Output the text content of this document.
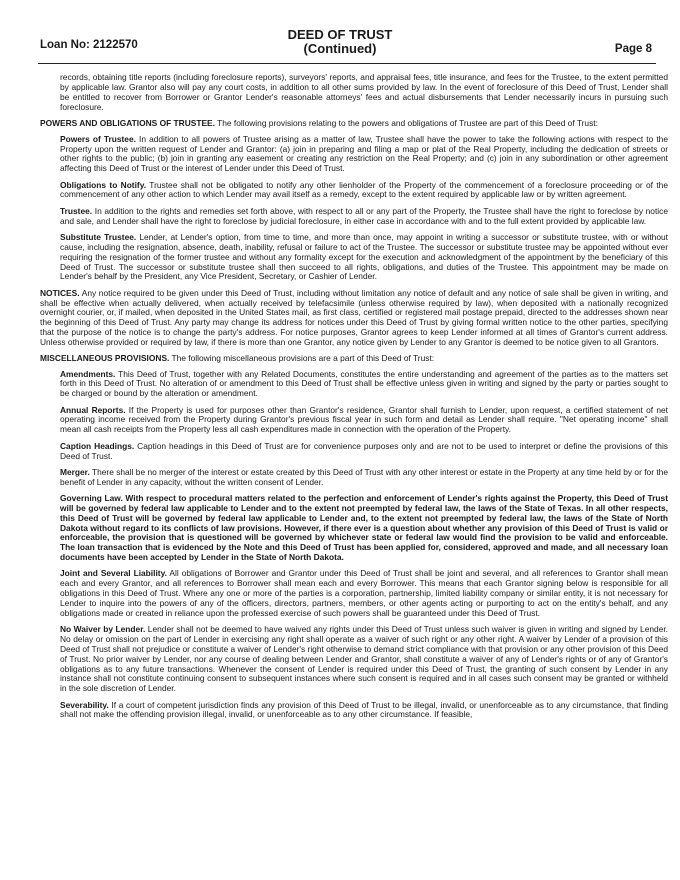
Loan No: 2122570
DEED OF TRUST
(Continued)	Page 8

records, obtaining title reports (including foreclosure reports), surveyors' reports, and appraisal fees, title insurance, and fees for the Trustee, to the extent permitted by applicable law. Grantor also will pay any court costs, in addition to all other sums provided by law. In the event of foreclosure of this Deed of Trust, Lender shall be entitled to recover from Borrower or Grantor Lender's reasonable attorneys' fees and actual disbursements that Lender necessarily incurs in pursuing such foreclosure.

POWERS AND OBLIGATIONS OF TRUSTEE. The following provisions relating to the powers and obligations of Trustee are part of this Deed of Trust:

Powers of Trustee. In addition to all powers of Trustee arising as a matter of law, Trustee shall have the power to take the following actions with respect to the Property upon the written request of Lender and Grantor: (a) join in preparing and filing a map or plat of the Real Property, including the dedication of streets or other rights to the public; (b) join in granting any easement or creating any restriction on the Real Property; and (c) join in any subordination or other agreement affecting this Deed of Trust or the interest of Lender under this Deed of Trust.

Obligations to Notify. Trustee shall not be obligated to notify any other lienholder of the Property of the commencement of a foreclosure proceeding or of the commencement of any other action to which Lender may avail itself as a remedy, except to the extent required by applicable law or by written agreement.

Trustee. In addition to the rights and remedies set forth above, with respect to all or any part of the Property, the Trustee shall have the right to foreclose by notice and sale, and Lender shall have the right to foreclose by judicial foreclosure, in either case in accordance with and to the full extent provided by applicable law.

Substitute Trustee. Lender, at Lender's option, from time to time, and more than once, may appoint in writing a successor or substitute trustee, with or without cause, including the resignation, absence, death, inability, refusal or failure to act of the Trustee. The successor or substitute trustee may be appointed without ever requiring the resignation of the former trustee and without any formality except for the execution and acknowledgment of the appointment by the beneficiary of this Deed of Trust. The successor or substitute trustee shall then succeed to all rights, obligations, and duties of the Trustee. This appointment may be made on Lender's behalf by the President, any Vice President, Secretary, or Cashier of Lender.

NOTICES. Any notice required to be given under this Deed of Trust, including without limitation any notice of default and any notice of sale shall be given in writing, and shall be effective when actually delivered, when actually received by telefacsimile (unless otherwise required by law), when deposited with a nationally recognized overnight courier, or, if mailed, when deposited in the United States mail, as first class, certified or registered mail postage prepaid, directed to the addresses shown near the beginning of this Deed of Trust. Any party may change its address for notices under this Deed of Trust by giving formal written notice to the other parties, specifying that the purpose of the notice is to change the party's address. For notice purposes, Grantor agrees to keep Lender informed at all times of Grantor's current address. Unless otherwise provided or required by law, if there is more than one Grantor, any notice given by Lender to any Grantor is deemed to be notice given to all Grantors.

MISCELLANEOUS PROVISIONS. The following miscellaneous provisions are a part of this Deed of Trust:

Amendments. This Deed of Trust, together with any Related Documents, constitutes the entire understanding and agreement of the parties as to the matters set forth in this Deed of Trust. No alteration of or amendment to this Deed of Trust shall be effective unless given in writing and signed by the party or parties sought to be charged or bound by the alteration or amendment.

Annual Reports. If the Property is used for purposes other than Grantor's residence, Grantor shall furnish to Lender, upon request, a certified statement of net operating income received from the Property during Grantor's previous fiscal year in such form and detail as Lender shall require. "Net operating income" shall mean all cash receipts from the Property less all cash expenditures made in connection with the operation of the Property.

Caption Headings. Caption headings in this Deed of Trust are for convenience purposes only and are not to be used to interpret or define the provisions of this Deed of Trust.

Merger. There shall be no merger of the interest or estate created by this Deed of Trust with any other interest or estate in the Property at any time held by or for the benefit of Lender in any capacity, without the written consent of Lender.

Governing Law. With respect to procedural matters related to the perfection and enforcement of Lender's rights against the Property, this Deed of Trust will be governed by federal law applicable to Lender and to the extent not preempted by federal law, the laws of the State of Texas. In all other respects, this Deed of Trust will be governed by federal law applicable to Lender and, to the extent not preempted by federal law, the laws of the State of North Dakota without regard to its conflicts of law provisions. However, if there ever is a question about whether any provision of this Deed of Trust is valid or enforceable, the provision that is questioned will be governed by whichever state or federal law would find the provision to be valid and enforceable. The loan transaction that is evidenced by the Note and this Deed of Trust has been applied for, considered, approved and made, and all necessary loan documents have been accepted by Lender in the State of North Dakota.

Joint and Several Liability. All obligations of Borrower and Grantor under this Deed of Trust shall be joint and several, and all references to Grantor shall mean each and every Grantor, and all references to Borrower shall mean each and every Borrower. This means that each Grantor signing below is responsible for all obligations in this Deed of Trust. Where any one or more of the parties is a corporation, partnership, limited liability company or similar entity, it is not necessary for Lender to inquire into the powers of any of the officers, directors, partners, members, or other agents acting or purporting to act on the entity's behalf, and any obligations made or created in reliance upon the professed exercise of such powers shall be guaranteed under this Deed of Trust.

No Waiver by Lender. Lender shall not be deemed to have waived any rights under this Deed of Trust unless such waiver is given in writing and signed by Lender. No delay or omission on the part of Lender in exercising any right shall operate as a waiver of such right or any other right. A waiver by Lender of a provision of this Deed of Trust shall not prejudice or constitute a waiver of Lender's right otherwise to demand strict compliance with that provision or any other provision of this Deed of Trust. No prior waiver by Lender, nor any course of dealing between Lender and Grantor, shall constitute a waiver of any of Lender's rights or of any of Grantor's obligations as to any future transactions. Whenever the consent of Lender is required under this Deed of Trust, the granting of such consent by Lender in any instance shall not constitute continuing consent to subsequent instances where such consent is required and in all cases such consent may be granted or withheld in the sole discretion of Lender.

Severability. If a court of competent jurisdiction finds any provision of this Deed of Trust to be illegal, invalid, or unenforceable as to any circumstance, that finding shall not make the offending provision illegal, invalid, or unenforceable as to any other circumstance. If feasible,
